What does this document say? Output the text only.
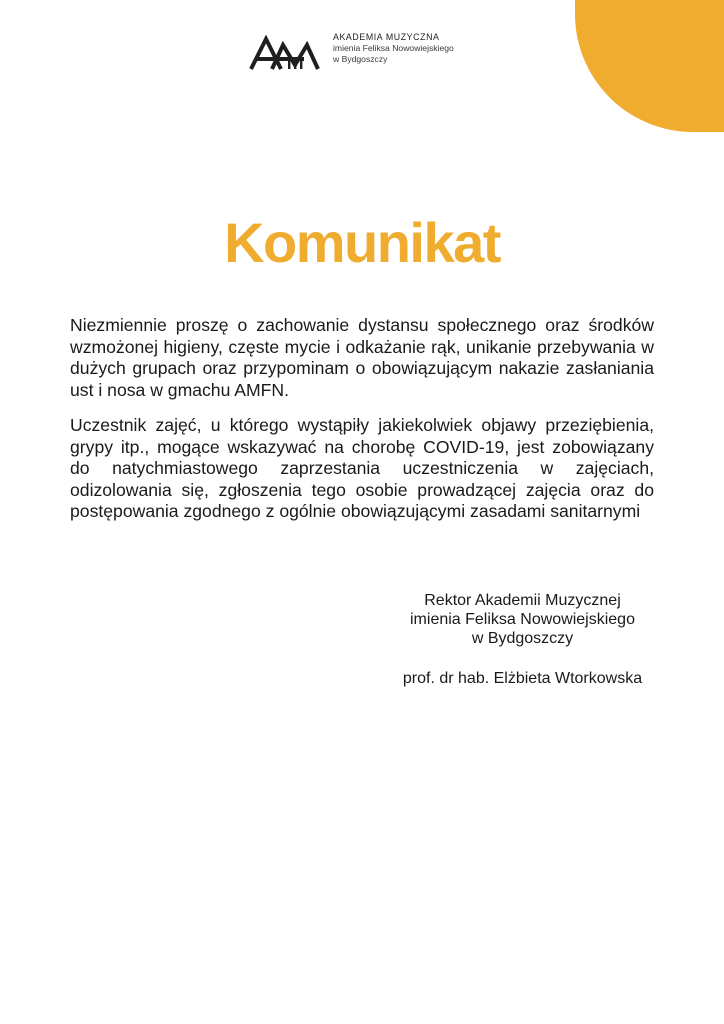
AKADEMIA MUZYCZNA
imienia Feliksa Nowowiejskiego
w Bydgoszczy
Komunikat

Niezmiennie proszę o zachowanie dystansu społecznego oraz środków wzmożonej higieny, częste mycie i odkażanie rąk, unikanie przebywania w dużych grupach oraz przypominam o obowiązującym nakazie zasłaniania ust i nosa w gmachu AMFN.

Uczestnik zajęć, u którego wystąpiły jakiekolwiek objawy przeziębienia, grypy itp., mogące wskazywać na chorobę COVID-19, jest zobowiązany do natychmiastowego zaprzestania uczestniczenia w zajęciach, odizolowania się, zgłoszenia tego osobie prowadzącej zajęcia oraz do postępowania zgodnego z ogólnie obowiązującymi zasadami sanitarnymi

Rektor Akademii Muzycznej
imienia Feliksa Nowowiejskiego
w Bydgoszczy
prof. dr hab. Elżbieta Wtorkowska
